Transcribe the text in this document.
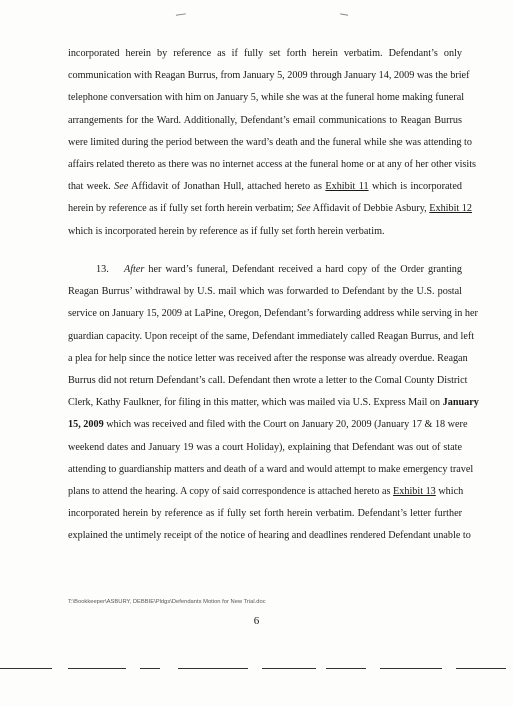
incorporated herein by reference as if fully set forth herein verbatim. Defendant’s only
communication with Reagan Burrus, from January 5, 2009 through January 14, 2009 was the brief
telephone conversation with him on January 5, while she was at the funeral home making funeral
arrangements for the Ward. Additionally, Defendant’s email communications to Reagan Burrus
were limited during the period between the ward’s death and the funeral while she was attending to
affairs related thereto as there was no internet access at the funeral home or at any of her other visits
that week. See Affidavit of Jonathan Hull, attached hereto as Exhibit 11 which is incorporated
herein by reference as if fully set forth herein verbatim; See Affidavit of Debbie Asbury, Exhibit 12
which is incorporated herein by reference as if fully set forth herein verbatim.
13. After her ward’s funeral, Defendant received a hard copy of the Order granting
Reagan Burrus’ withdrawal by U.S. mail which was forwarded to Defendant by the U.S. postal
service on January 15, 2009 at LaPine, Oregon, Defendant’s forwarding address while serving in her
guardian capacity. Upon receipt of the same, Defendant immediately called Reagan Burrus, and left
a plea for help since the notice letter was received after the response was already overdue. Reagan
Burrus did not return Defendant’s call. Defendant then wrote a letter to the Comal County District
Clerk, Kathy Faulkner, for filing in this matter, which was mailed via U.S. Express Mail on January
15, 2009 which was received and filed with the Court on January 20, 2009 (January 17 & 18 were
weekend dates and January 19 was a court Holiday), explaining that Defendant was out of state
attending to guardianship matters and death of a ward and would attempt to make emergency travel
plans to attend the hearing. A copy of said correspondence is attached hereto as Exhibit 13 which
incorporated herein by reference as if fully set forth herein verbatim. Defendant’s letter further
explained the untimely receipt of the notice of hearing and deadlines rendered Defendant unable to
T:\Bookkeeper\ASBURY, DEBBIE\Pldgs\Defendants Motion for New Trial.doc
6
